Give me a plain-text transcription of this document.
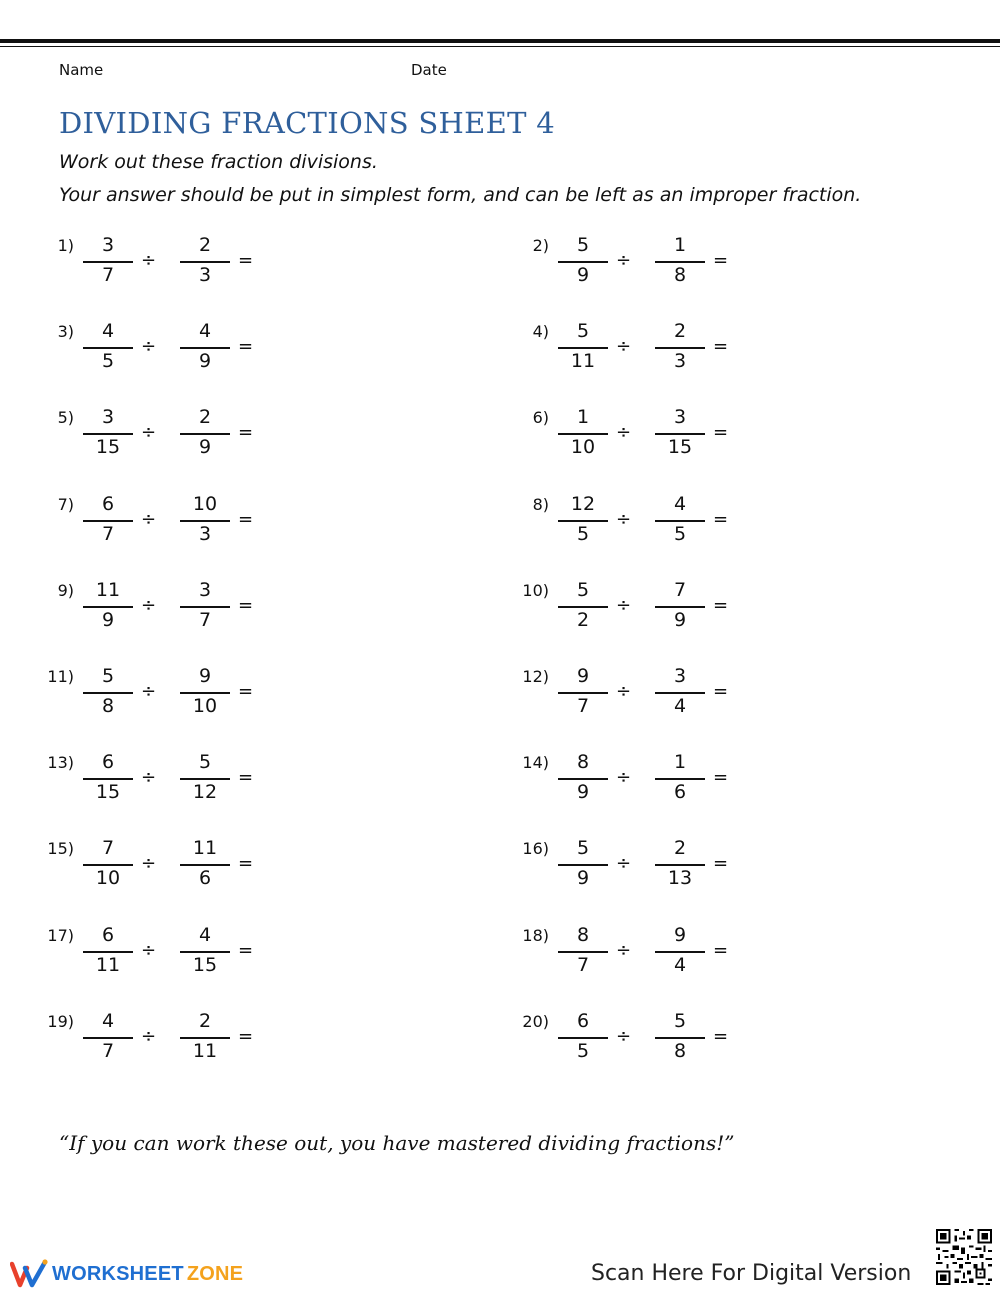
Name	Date
DIVIDING FRACTIONS SHEET 4
Work out these fraction divisions.
Your answer should be put in simplest form, and can be left as an improper fraction.
1)	3
7
÷
2
3
=
2)	5
9
÷
1
8
=
3)	4
5
÷
4
9
=
4)	5
11
÷
2
3
=
5)	3
15
÷
2
9
=
6)	1
10
÷
3
15
=
7)	6
7
÷
10
3
=
8)	12
5
÷
4
5
=
9)	11
9
÷
3
7
=
10)	5
2
÷
7
9
=
11)	5
8
÷
9
10
=
12)	9
7
÷
3
4
=
13)	6
15
÷
5
12
=
14)	8
9
÷
1
6
=
15)	7
10
÷
11
6
=
16)	5
9
÷
2
13
=
17)	6
11
÷
4
15
=
18)	8
7
÷
9
4
=
19)	4
7
÷
2
11
=
20)	6
5
÷
5
8
=
“If you can work these out, you have mastered dividing fractions!”
WORKSHEET ZONE	Scan Here For Digital Version
